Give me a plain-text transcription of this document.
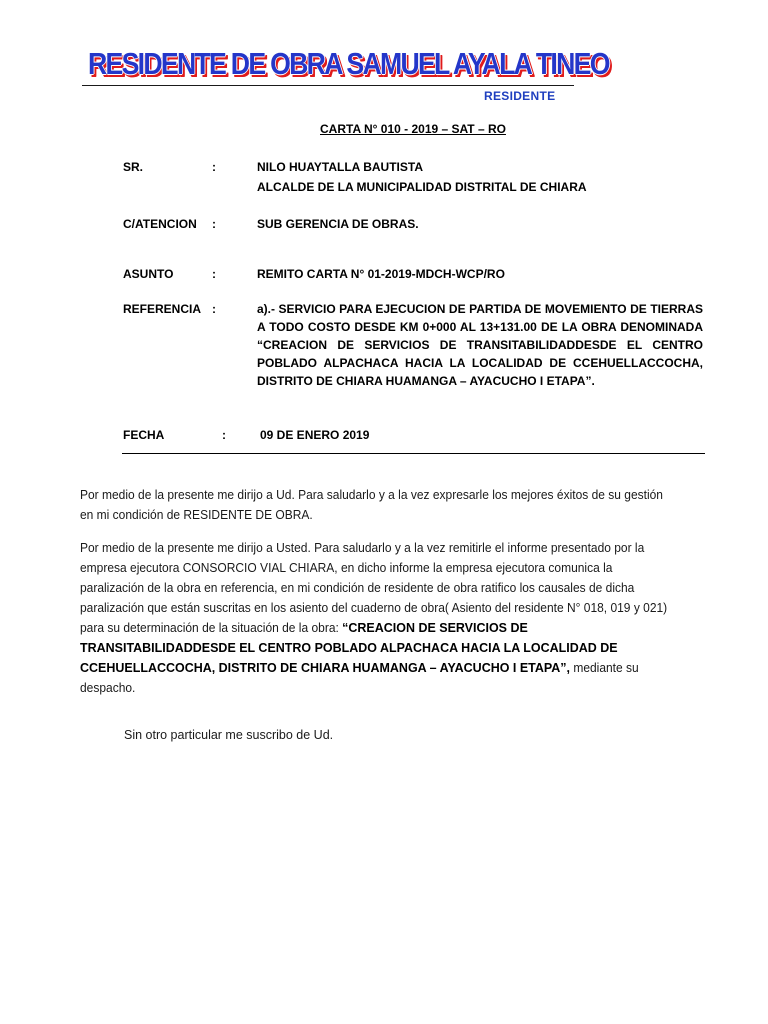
RESIDENTE DE OBRA SAMUEL AYALA TINEO
RESIDENTE
CARTA N° 010 - 2019 – SAT – RO
SR.	:	NILO HUAYTALLA BAUTISTA
ALCALDE DE LA MUNICIPALIDAD DISTRITAL DE CHIARA
C/ATENCION :	SUB GERENCIA DE OBRAS.
ASUNTO	:	REMITO CARTA N° 01-2019-MDCH-WCP/RO
REFERENCIA :	a).- SERVICIO PARA EJECUCION DE PARTIDA DE MOVEMIENTO DE TIERRAS A TODO COSTO DESDE KM 0+000 AL 13+131.00 DE LA OBRA DENOMINADA “CREACION DE SERVICIOS DE TRANSITABILIDADDESDE EL CENTRO POBLADO ALPACHACA HACIA LA LOCALIDAD DE CCEHUELLACCOCHA, DISTRITO DE CHIARA HUAMANGA – AYACUCHO I ETAPA”.

FECHA	:	09 DE ENERO 2019

Por medio de la presente me dirijo a Ud. Para saludarlo y a la vez expresarle los mejores éxitos de su gestión en mi condición de RESIDENTE DE OBRA.

Por medio de la presente me dirijo a Usted. Para saludarlo y a la vez remitirle el informe presentado por la empresa ejecutora CONSORCIO VIAL CHIARA, en dicho informe la empresa ejecutora comunica la paralización de la obra en referencia, en mi condición de residente de obra ratifico los causales de dicha paralización que están suscritas en los asiento del cuaderno de obra( Asiento del residente N° 018, 019 y 021) para su determinación de la situación de la obra: “CREACION DE SERVICIOS DE TRANSITABILIDADDESDE EL CENTRO POBLADO ALPACHACA HACIA LA LOCALIDAD DE CCEHUELLACCOCHA, DISTRITO DE CHIARA HUAMANGA – AYACUCHO I ETAPA”, mediante su despacho.

Sin otro particular me suscribo de Ud.
